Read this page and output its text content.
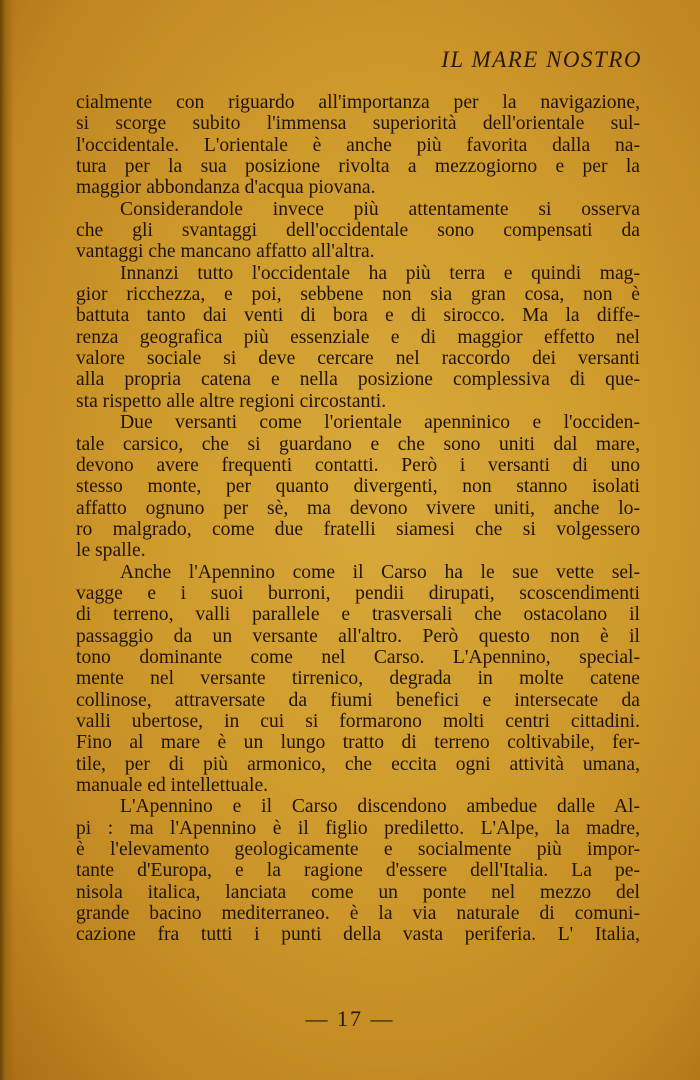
IL MARE NOSTRO
cialmente con riguardo all'importanza per la navigazione,
si scorge subito l'immensa superiorità dell'orientale sul-
l'occidentale. L'orientale è anche più favorita dalla na-
tura per la sua posizione rivolta a mezzogiorno e per la
maggior abbondanza d'acqua piovana.
Considerandole invece più attentamente si osserva
che gli svantaggi dell'occidentale sono compensati da
vantaggi che mancano affatto all'altra.
Innanzi tutto l'occidentale ha più terra e quindi mag-
gior ricchezza, e poi, sebbene non sia gran cosa, non è
battuta tanto dai venti di bora e di sirocco. Ma la diffe-
renza geografica più essenziale e di maggior effetto nel
valore sociale si deve cercare nel raccordo dei versanti
alla propria catena e nella posizione complessiva di que-
sta rispetto alle altre regioni circostanti.
Due versanti come l'orientale apenninico e l'occiden-
tale carsico, che si guardano e che sono uniti dal mare,
devono avere frequenti contatti. Però i versanti di uno
stesso monte, per quanto divergenti, non stanno isolati
affatto ognuno per sè, ma devono vivere uniti, anche lo-
ro malgrado, come due fratelli siamesi che si volgessero
le spalle.
Anche l'Apennino come il Carso ha le sue vette sel-
vagge e i suoi burroni, pendii dirupati, scoscendimenti
di terreno, valli parallele e trasversali che ostacolano il
passaggio da un versante all'altro. Però questo non è il
tono dominante come nel Carso. L'Apennino, special-
mente nel versante tirrenico, degrada in molte catene
collinose, attraversate da fiumi benefici e intersecate da
valli ubertose, in cui si formarono molti centri cittadini.
Fino al mare è un lungo tratto di terreno coltivabile, fer-
tile, per di più armonico, che eccita ogni attività umana,
manuale ed intellettuale.
L'Apennino e il Carso discendono ambedue dalle Al-
pi : ma l'Apennino è il figlio prediletto. L'Alpe, la madre,
è l'elevamento geologicamente e socialmente più impor-
tante d'Europa, e la ragione d'essere dell'Italia. La pe-
nisola italica, lanciata come un ponte nel mezzo del
grande bacino mediterraneo. è la via naturale di comuni-
cazione fra tutti i punti della vasta periferia. L' Italia,
— 17 —
